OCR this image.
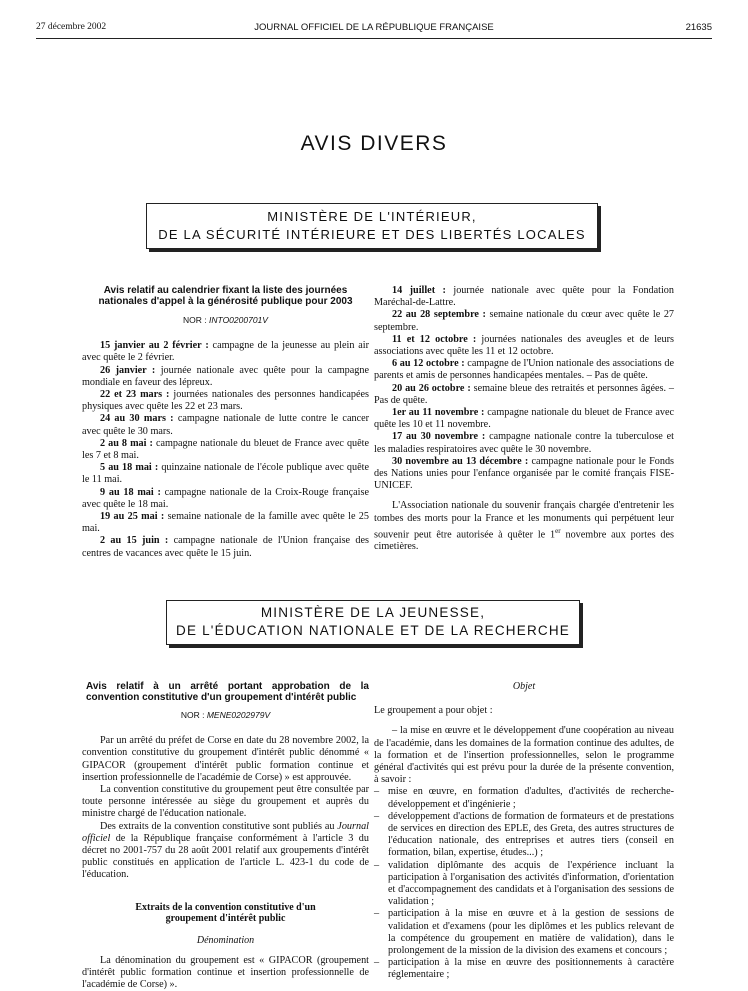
27 décembre 2002	JOURNAL OFFICIEL DE LA RÉPUBLIQUE FRANÇAISE	21635
AVIS DIVERS
MINISTÈRE DE L'INTÉRIEUR,
DE LA SÉCURITÉ INTÉRIEURE ET DES LIBERTÉS LOCALES
Avis relatif au calendrier fixant la liste des journées nationales d'appel à la générosité publique pour 2003
NOR : INTO0200701V

15 janvier au 2 février : campagne de la jeunesse au plein air avec quête le 2 février.

26 janvier : journée nationale avec quête pour la campagne mondiale en faveur des lépreux.

22 et 23 mars : journées nationales des personnes handicapées physiques avec quête les 22 et 23 mars.

24 au 30 mars : campagne nationale de lutte contre le cancer avec quête le 30 mars.

2 au 8 mai : campagne nationale du bleuet de France avec quête les 7 et 8 mai.

5 au 18 mai : quinzaine nationale de l'école publique avec quête le 11 mai.

9 au 18 mai : campagne nationale de la Croix-Rouge française avec quête le 18 mai.

19 au 25 mai : semaine nationale de la famille avec quête le 25 mai.

2 au 15 juin : campagne nationale de l'Union française des centres de vacances avec quête le 15 juin.

14 juillet : journée nationale avec quête pour la Fondation Maréchal-de-Lattre.

22 au 28 septembre : semaine nationale du cœur avec quête le 27 septembre.

11 et 12 octobre : journées nationales des aveugles et de leurs associations avec quête les 11 et 12 octobre.

6 au 12 octobre : campagne de l'Union nationale des associations de parents et amis de personnes handicapées mentales. – Pas de quête.

20 au 26 octobre : semaine bleue des retraités et personnes âgées. – Pas de quête.

1er au 11 novembre : campagne nationale du bleuet de France avec quête les 10 et 11 novembre.

17 au 30 novembre : campagne nationale contre la tuberculose et les maladies respiratoires avec quête le 30 novembre.

30 novembre au 13 décembre : campagne nationale pour le Fonds des Nations unies pour l'enfance organisée par le comité français FISE-UNICEF.

L'Association nationale du souvenir français chargée d'entretenir les tombes des morts pour la France et les monuments qui perpétuent leur souvenir peut être autorisée à quêter le 1er novembre aux portes des cimetières.

MINISTÈRE DE LA JEUNESSE,
DE L'ÉDUCATION NATIONALE ET DE LA RECHERCHE
Avis relatif à un arrêté portant approbation de la convention constitutive d'un groupement d'intérêt public
NOR : MENE0202979V

Par un arrêté du préfet de Corse en date du 28 novembre 2002, la convention constitutive du groupement d'intérêt public dénommé « GIPACOR (groupement d'intérêt public formation continue et insertion professionnelle de l'académie de Corse) » est approuvée.

La convention constitutive du groupement peut être consultée par toute personne intéressée au siège du groupement et auprès du ministre chargé de l'éducation nationale.

Des extraits de la convention constitutive sont publiés au Journal officiel de la République française conformément à l'article 3 du décret no 2001-757 du 28 août 2001 relatif aux groupements d'intérêt public constitués en application de l'article L. 423-1 du code de l'éducation.

Extraits de la convention constitutive d'un groupement d'intérêt public
Dénomination

La dénomination du groupement est « GIPACOR (groupement d'intérêt public formation continue et insertion professionnelle de l'académie de Corse) ».

Objet
Le groupement a pour objet :

– la mise en œuvre et le développement d'une coopération au niveau de l'académie, dans les domaines de la formation continue des adultes, de la formation et de l'insertion professionnelles, selon le programme général d'activités qui est prévu pour la durée de la présente convention, à savoir :

– mise en œuvre, en formation d'adultes, d'activités de recherche-développement et d'ingénierie ;
– développement d'actions de formation de formateurs et de prestations de services en direction des EPLE, des Greta, des autres structures de l'éducation nationale, des entreprises et autres tiers (conseil en formation, bilan, expertise, études...) ;
– validation diplômante des acquis de l'expérience incluant la participation à l'organisation des activités d'information, d'orientation et d'accompagnement des candidats et à l'organisation des sessions de validation ;
– participation à la mise en œuvre et à la gestion de sessions de validation et d'examens (pour les diplômes et les publics relevant de la compétence du groupement en matière de validation), dans le prolongement de la mission de la division des examens et concours ;
– participation à la mise en œuvre des positionnements à caractère réglementaire ;
